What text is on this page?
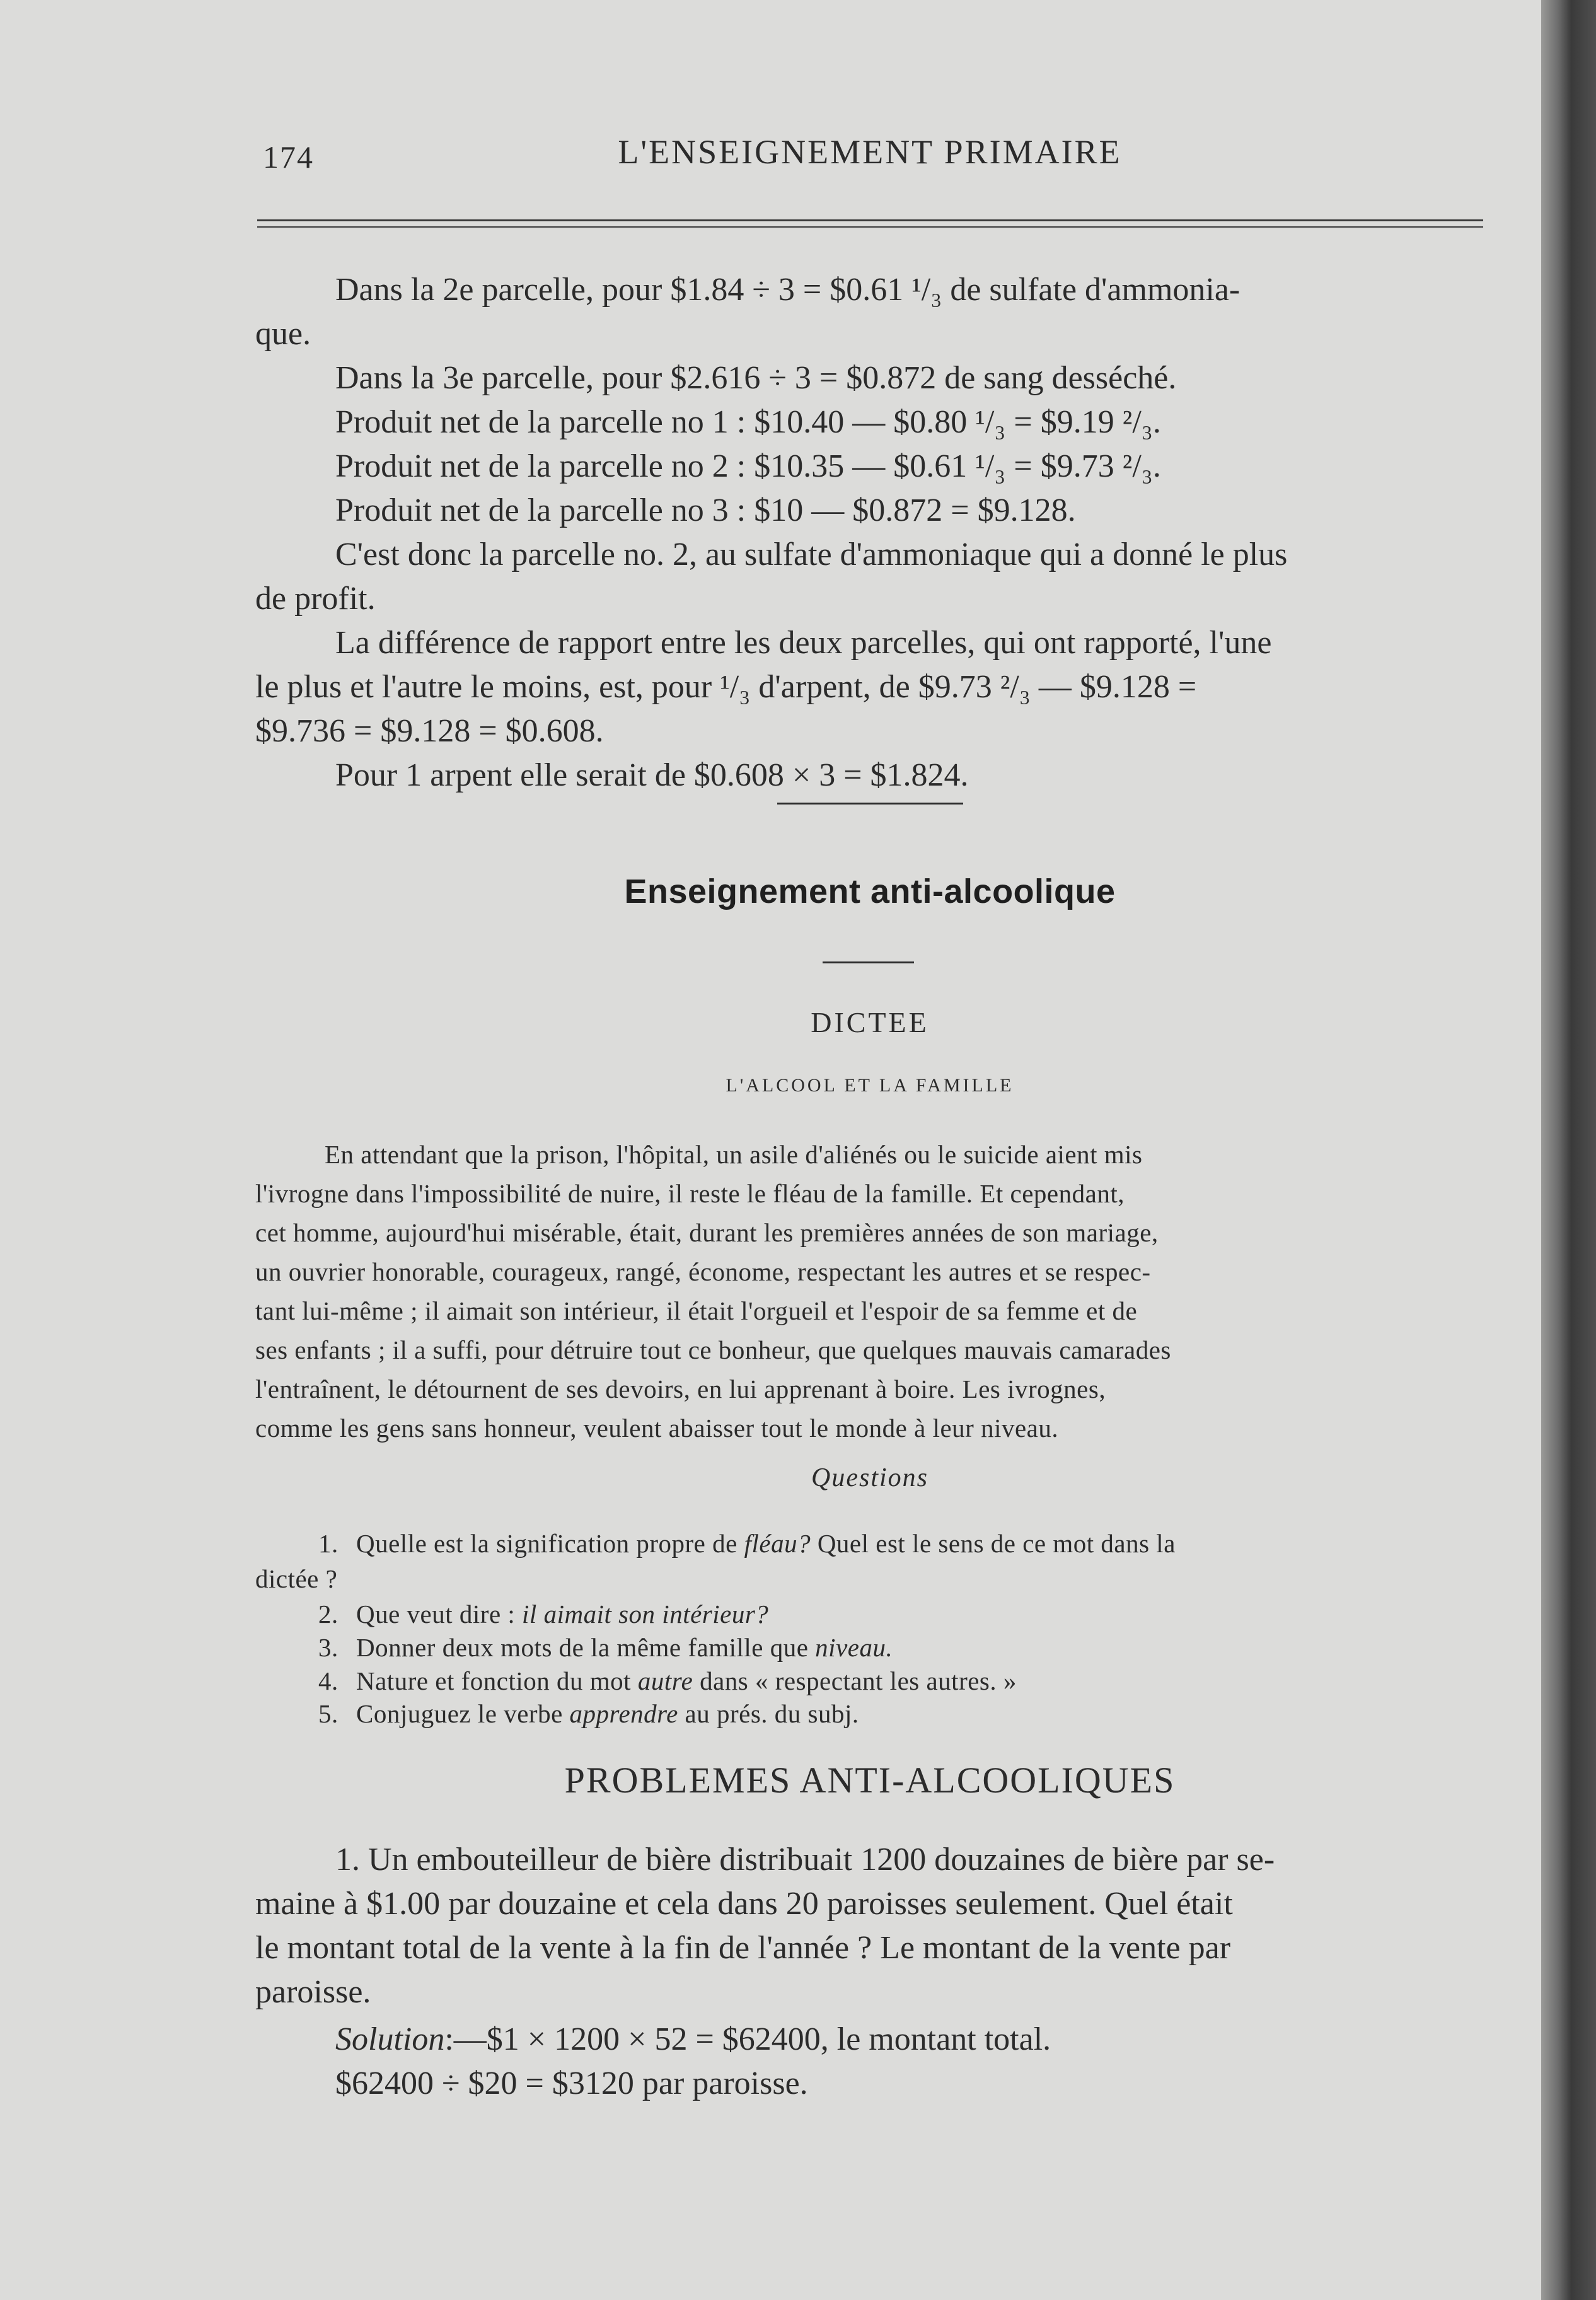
174	L'ENSEIGNEMENT PRIMAIRE

Dans la 2e parcelle, pour $1.84 ÷ 3 = $0.61 ¹/₃ de sulfate d'ammonia-
que.
Dans la 3e parcelle, pour $2.616 ÷ 3 = $0.872 de sang desséché.
Produit net de la parcelle no 1 : $10.40 — $0.80 ¹/₃ = $9.19 ²/₃.
Produit net de la parcelle no 2 : $10.35 — $0.61 ¹/₃ = $9.73 ²/₃.
Produit net de la parcelle no 3 : $10 — $0.872 = $9.128.
C'est donc la parcelle no. 2, au sulfate d'ammoniaque qui a donné le plus
de profit.
La différence de rapport entre les deux parcelles, qui ont rapporté, l'une
le plus et l'autre le moins, est, pour ¹/₃ d'arpent, de $9.73 ²/₃ — $9.128 =
$9.736 = $9.128 = $0.608.
Pour 1 arpent elle serait de $0.608 × 3 = $1.824.

Enseignement anti-alcoolique
DICTEE
L'ALCOOL ET LA FAMILLE

En attendant que la prison, l'hôpital, un asile d'aliénés ou le suicide aient mis
l'ivrogne dans l'impossibilité de nuire, il reste le fléau de la famille. Et cependant,
cet homme, aujourd'hui misérable, était, durant les premières années de son mariage,
un ouvrier honorable, courageux, rangé, économe, respectant les autres et se respec-
tant lui-même ; il aimait son intérieur, il était l'orgueil et l'espoir de sa femme et de
ses enfants ; il a suffi, pour détruire tout ce bonheur, que quelques mauvais camarades
l'entraînent, le détournent de ses devoirs, en lui apprenant à boire. Les ivrognes,
comme les gens sans honneur, veulent abaisser tout le monde à leur niveau.

Questions
1. Quelle est la signification propre de fléau? Quel est le sens de ce mot dans la
dictée ?
2. Que veut dire : il aimait son intérieur?
3. Donner deux mots de la même famille que niveau.
4. Nature et fonction du mot autre dans « respectant les autres. »
5. Conjuguez le verbe apprendre au prés. du subj.
PROBLEMES ANTI-ALCOOLIQUES

1. Un embouteilleur de bière distribuait 1200 douzaines de bière par se-
maine à $1.00 par douzaine et cela dans 20 paroisses seulement. Quel était
le montant total de la vente à la fin de l'année ? Le montant de la vente par
paroisse.

Solution:—$1 × 1200 × 52 = $62400, le montant total.
$62400 ÷ $20 = $3120 par paroisse.
